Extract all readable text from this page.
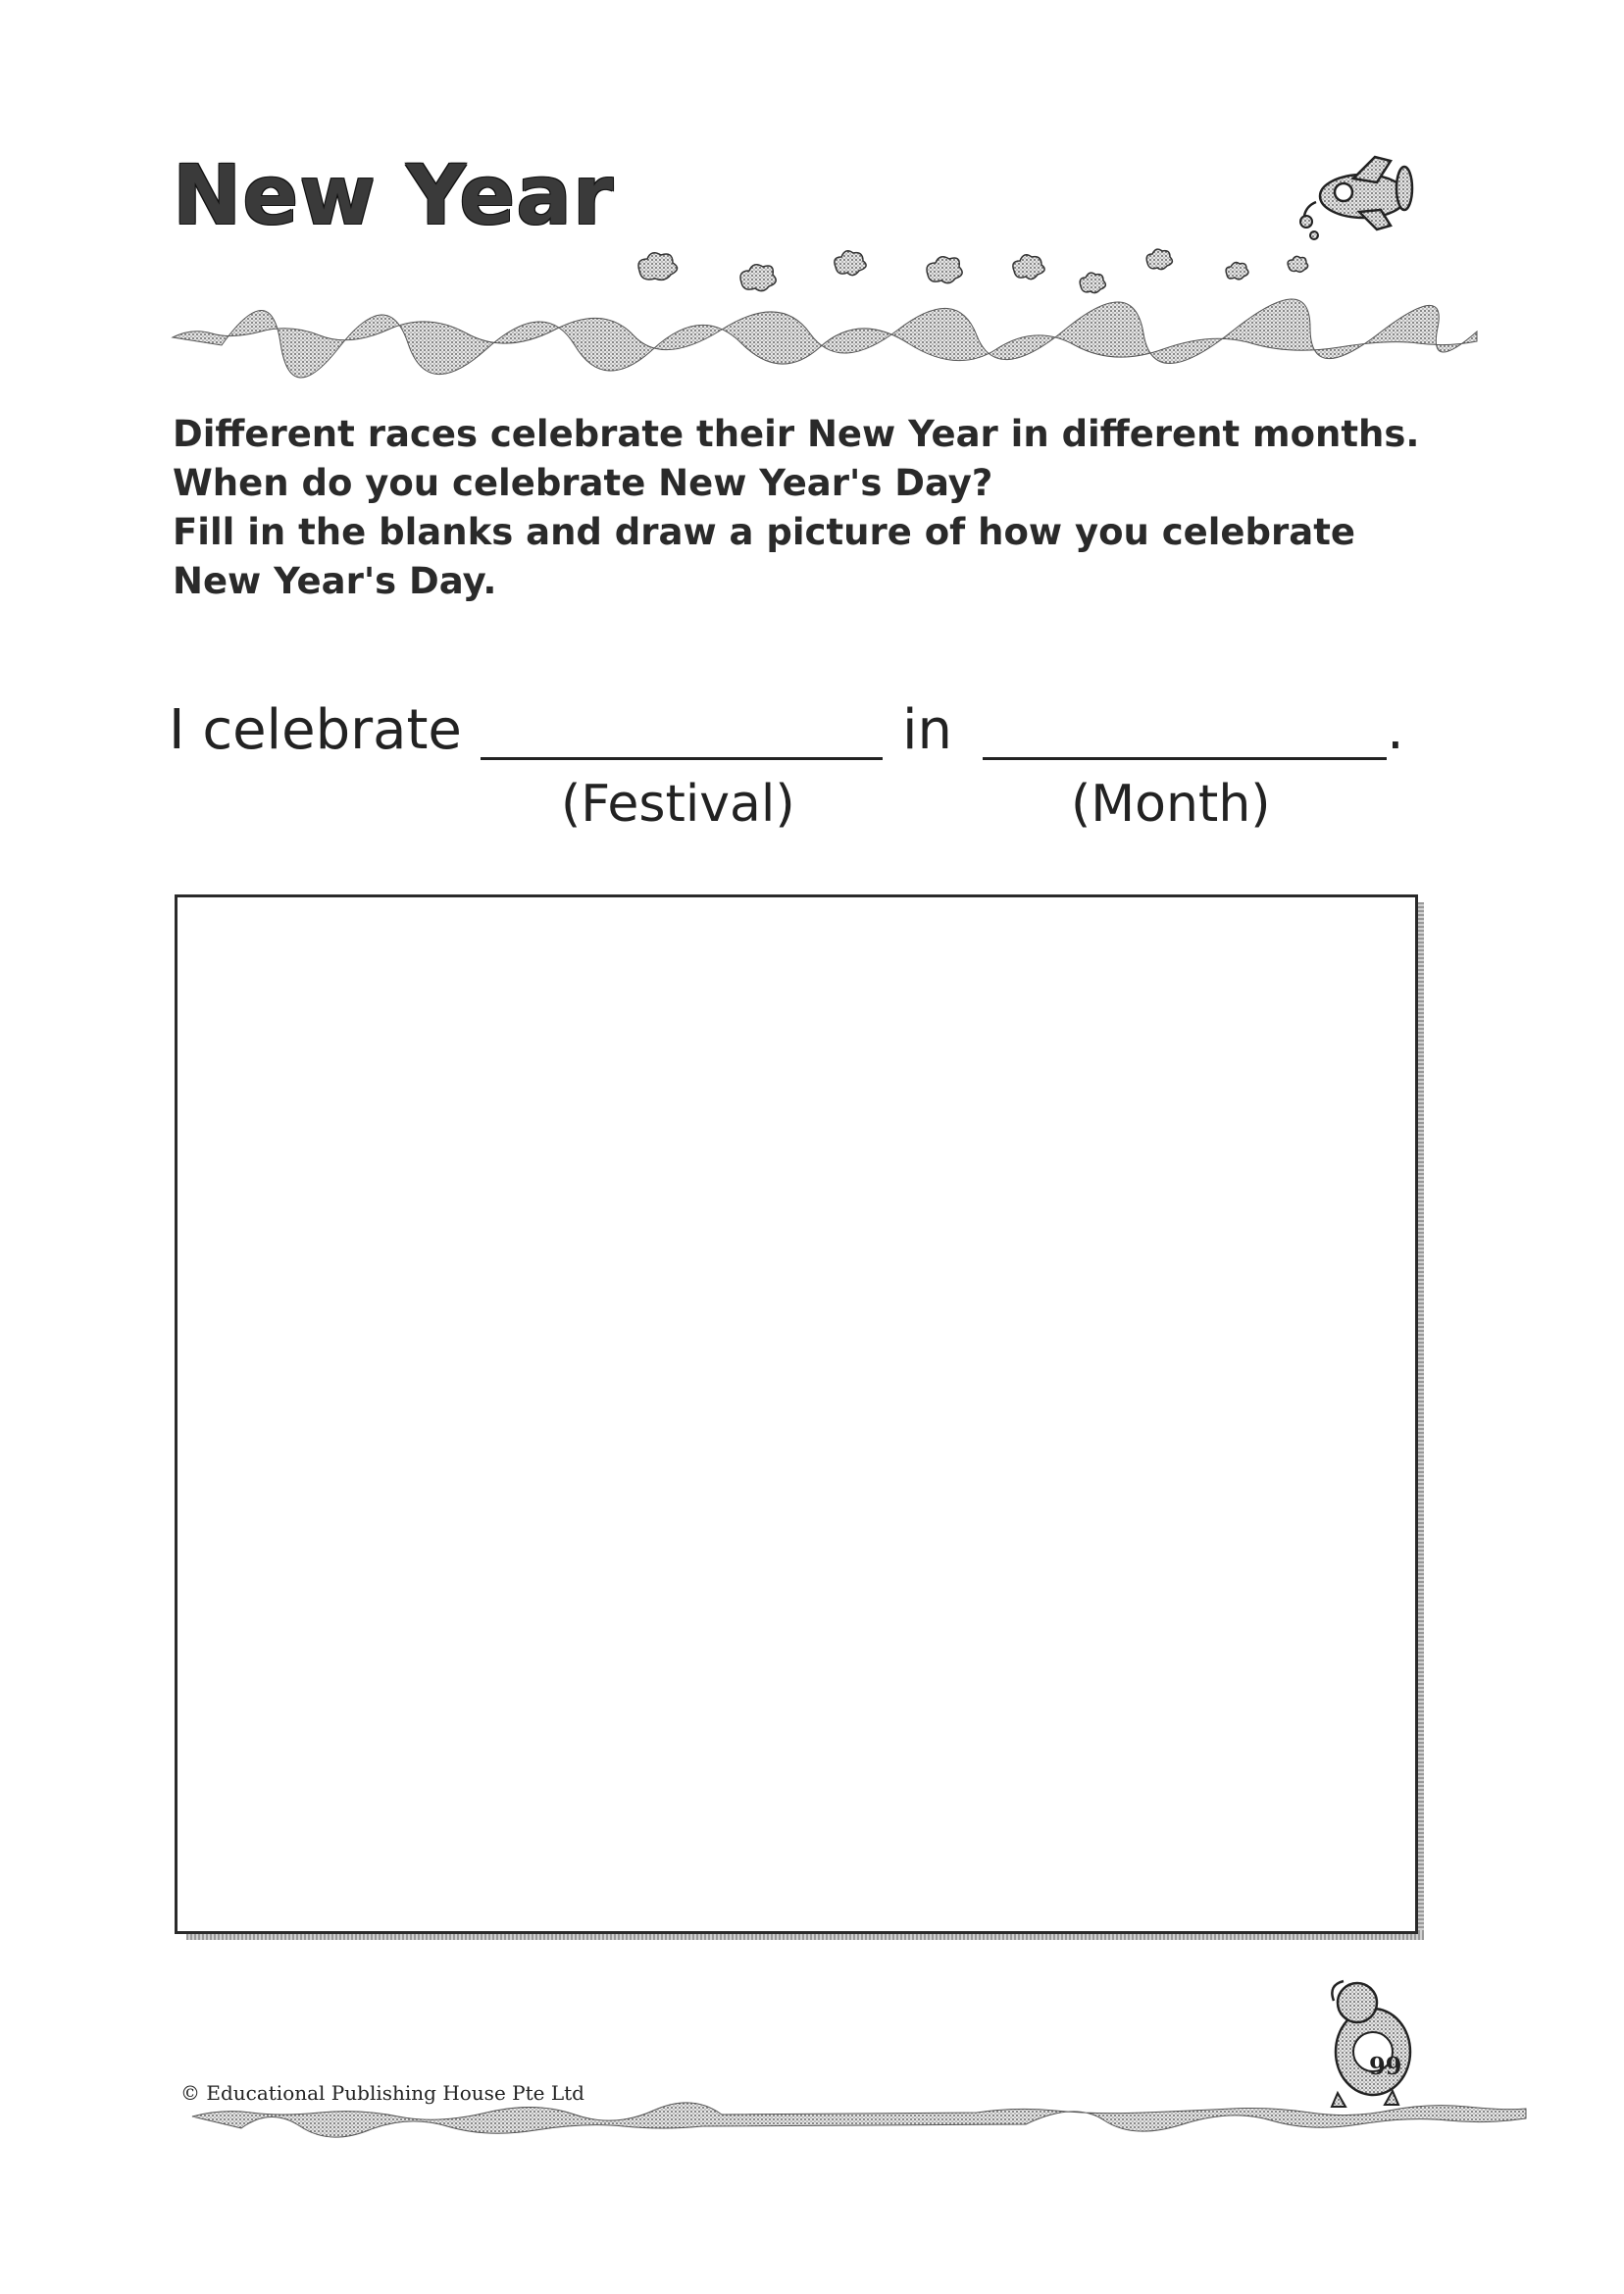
New Year
Different races celebrate their New Year in different months.
When do you celebrate New Year's Day?
Fill in the blanks and draw a picture of how you celebrate
New Year's Day.
I celebrate	in	.
(Festival)	(Month)
© Educational Publishing House Pte Ltd
99
